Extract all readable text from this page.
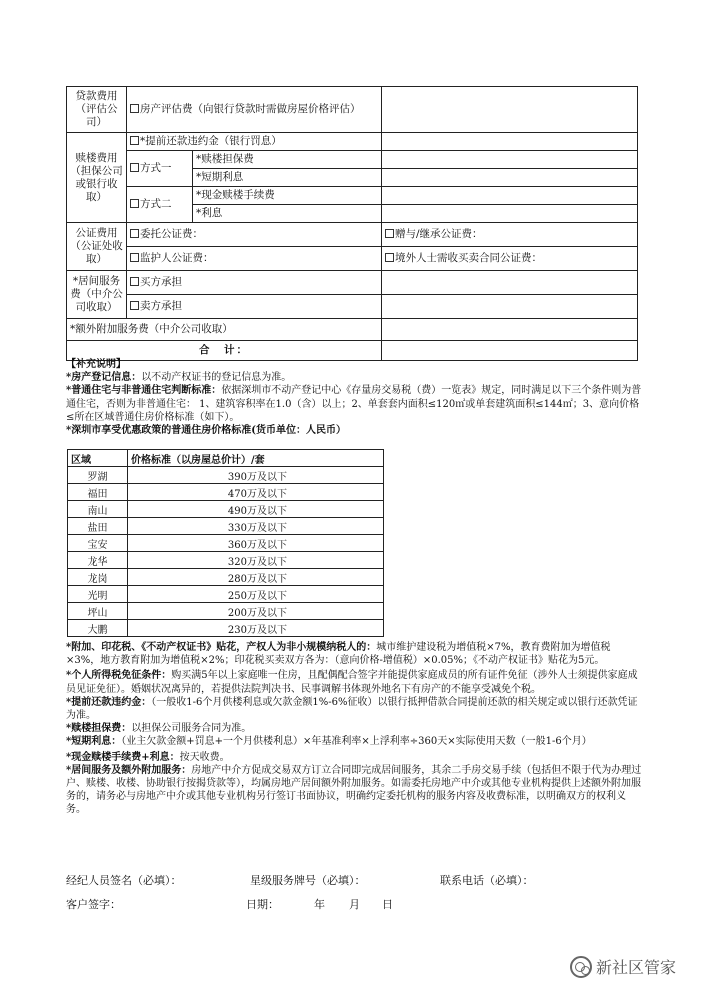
贷款费用（评估公司）	房产评估费（向银行贷款时需做房屋价格评估）		
赎楼费用（担保公司或银行收取）	*提前还款违约金（银行罚息）		
	方式一	*赎楼担保费	
		*短期利息	
	方式二	*现金赎楼手续费	
		*利息	
公证费用（公证处收取）	委托公证费：		赠与/继承公证费：
	监护人公证费：		境外人士需收买卖合同公证费：
*居间服务费（中介公司收取）	买方承担		
	卖方承担		
*额外附加服务费（中介公司收取）			
合　计：			

【补充说明】

*房产登记信息：以不动产权证书的登记信息为准。

*普通住宅与非普通住宅判断标准：依据深圳市不动产登记中心《存量房交易税（费）一览表》规定，同时满足以下三个条件则为普通住宅，否则为非普通住宅： 1、建筑容积率在1.0（含）以上；2、单套套内面积≤120㎡或单套建筑面积≤144㎡；3、意向价格≤所在区域普通住房价格标准（如下）。

*深圳市享受优惠政策的普通住房价格标准(货币单位：人民币）

区域	价格标准（以房屋总价计）/套
罗湖	390万及以下
福田	470万及以下
南山	490万及以下
盐田	330万及以下
宝安	360万及以下
龙华	320万及以下
龙岗	280万及以下
光明	250万及以下
坪山	200万及以下
大鹏	230万及以下

*附加、印花税、《不动产权证书》贴花，产权人为非小规模纳税人的：城市维护建设税为增值税×7%，教育费附加为增值税×3%，地方教育附加为增值税×2%；印花税买卖双方各为：（意向价格-增值税）×0.05%；《不动产权证书》贴花为5元。

*个人所得税免征条件：购买满5年以上家庭唯一住房，且配偶配合签字并能提供家庭成员的所有证件免征（涉外人士须提供家庭成员见证免征）。婚姻状况离异的，若提供法院判决书、民事调解书体现外地名下有房产的不能享受减免个税。

*提前还款违约金：（一般收1-6个月供楼利息或欠款金额1%-6%征收）以银行抵押借款合同提前还款的相关规定或以银行还款凭证为准。

*赎楼担保费：以担保公司服务合同为准。

*短期利息：（业主欠款金额+罚息+一个月供楼利息）×年基准利率×上浮利率÷360天×实际使用天数（一般1-6个月）

*现金赎楼手续费+利息：按天收费。

*居间服务及额外附加服务：房地产中介方促成交易双方订立合同即完成居间服务，其余二手房交易手续（包括但不限于代为办理过户、赎楼、收楼、协助银行按揭贷款等），均属房地产居间额外附加服务。如需委托房地产中介或其他专业机构提供上述额外附加服务的，请务必与房地产中介或其他专业机构另行签订书面协议，明确约定委托机构的服务内容及收费标准，以明确双方的权利义务。

经纪人员签名（必填）：	星级服务牌号（必填）：	联系电话（必填）：
客户签字：	日期：	年 月 日
新社区管家
